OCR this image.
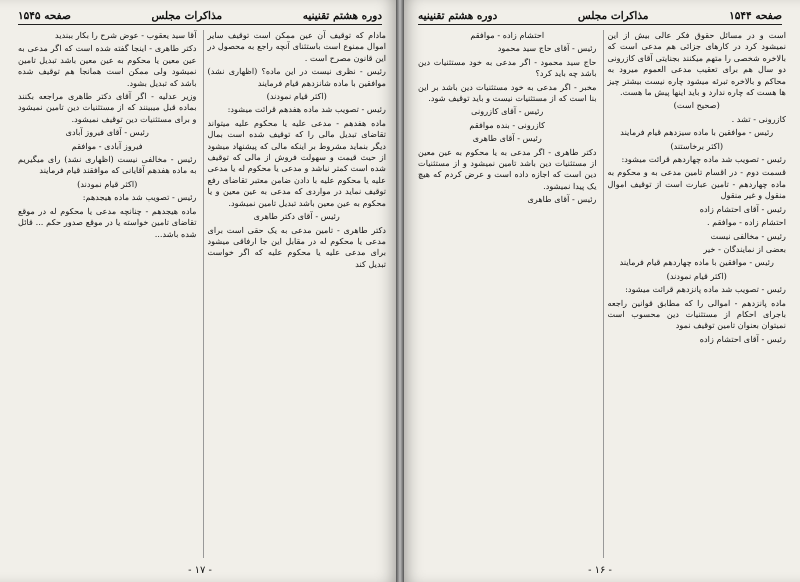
دوره هشتم تقنینیه
مذاکرات مجلس
صفحه ۱۵۴۵

مادام که توقیف آن عین ممکن است توقیف سایر اموال ممنوع است باستثنای آنچه راجع به محصول در این قانون مصرح است .

رئیس - نظری نیست در این ماده؟ (اظهاری نشد) موافقین با ماده شانزدهم قیام فرمایند

(اکثر قیام نمودند)

رئیس - تصویب شد ماده هفدهم قرائت میشود:

ماده هفدهم - مدعی علیه یا محکوم علیه میتواند تقاضای تبدیل مالی را که توقیف شده است بمال دیگر بنماید مشروط بر اینکه مالی که پیشنهاد میشود از حیث قیمت و سهولت فروش از مالی که توقیف شده است کمتر نباشد و مدعی یا محکوم له یا مدعی علیه یا محکوم علیه با دادن ضامن معتبر تقاضای رفع توقیف نماید در مواردی که مدعی به عین معین و یا محکوم به عین معین باشد تبدیل تامین نمیشود.

رئیس - آقای دکتر طاهری

دکتر طاهری - تامین مدعی به یک حقی است برای مدعی یا محکوم له در مقابل این جا ارفاقی میشود برای مدعی علیه یا محکوم علیه که اگر خواست تبدیل کند

آقا سید یعقوب - عوض شرح را بکار ببندید

دکتر طاهری - اینجا گفته شده است که اگر مدعی به عین معین یا محکوم به عین معین باشد تبدیل تامین نمیشود ولی ممکن است همانجا هم توقیف شده باشد که تبدیل بشود.

وزیر عدلیه - اگر آقای دکتر طاهری مراجعه بکنند بماده قبل میبینند که از مستثنیات دین تامین نمیشود و برای مستثنیات دین توقیف نمیشود.

رئیس - آقای فیروز آبادی

فیروز آبادی - موافقم

رئیس - مخالفی نیست (اظهاری نشد) رای میگیریم به ماده هفدهم آقایانی که موافقند قیام فرمایند

(اکثر قیام نمودند)

رئیس - تصویب شد ماده هیجدهم:

ماده هیجدهم - چنانچه مدعی یا محکوم له در موقع تقاضای تامین خواسته یا در موقع صدور حکم ... قائل شده باشد...

- ۱۷ -
صفحه ۱۵۴۴
مذاکرات مجلس
دوره هشتم تقنینیه

است و در مسائل حقوق فکر عالی بیش از این نمیشود کرد در کارهای جزائی هم مدعی است که بالاخره شخصی را متهم میکنند بجنایتی آقای کازرونی دو سال هم برای تعقیب مدعی العموم میرود به محاکم و بالاخره تبرئه میشود چاره نیست بیشتر چیز ها هست که چاره ندارد و باید اینها پیش ما هست.

(صحیح است)

کازرونی - تشد .

رئیس - موافقین با ماده سیزدهم قیام فرمایند

(اکثر برخاستند)

رئیس - تصویب شد ماده چهاردهم قرائت میشود:

قسمت دوم - در اقسام تامین مدعی به و محکوم به ماده چهاردهم - تامین عبارت است از توقیف اموال منقول و غیر منقول

رئیس - آقای احتشام زاده

احتشام زاده - موافقم .

رئیس - مخالفی نیست

بعضی از نمایندگان - خیر

رئیس - موافقین با ماده چهاردهم قیام فرمایند

(اکثر قیام نمودند)

رئیس - تصویب شد ماده پانزدهم قرائت میشود:

ماده پانزدهم - اموالی را که مطابق قوانین راجعه باجرای احکام از مستثنیات دین محسوب است نمیتوان بعنوان تامین توقیف نمود

رئیس - آقای احتشام زاده

احتشام زاده - موافقم

رئیس - آقای حاج سید محمود

حاج سید محمود - اگر مدعی به خود مستثنیات دین باشد چه باید کرد؟

مخبر - اگر مدعی به خود مستثنیات دین باشد بر این بنا است که از مستثنیات نیست و باید توقیف شود.

رئیس - آقای کازرونی

کازرونی - بنده موافقم

رئیس - آقای طاهری

دکتر طاهری - اگر مدعی به یا محکوم به عین معین از مستثنیات دین باشد تامین نمیشود و از مستثنیات دین است که اجازه داده است و عرض کردم که هیچ یک پیدا نمیشود.

رئیس - آقای طاهری

- ۱۶ -
